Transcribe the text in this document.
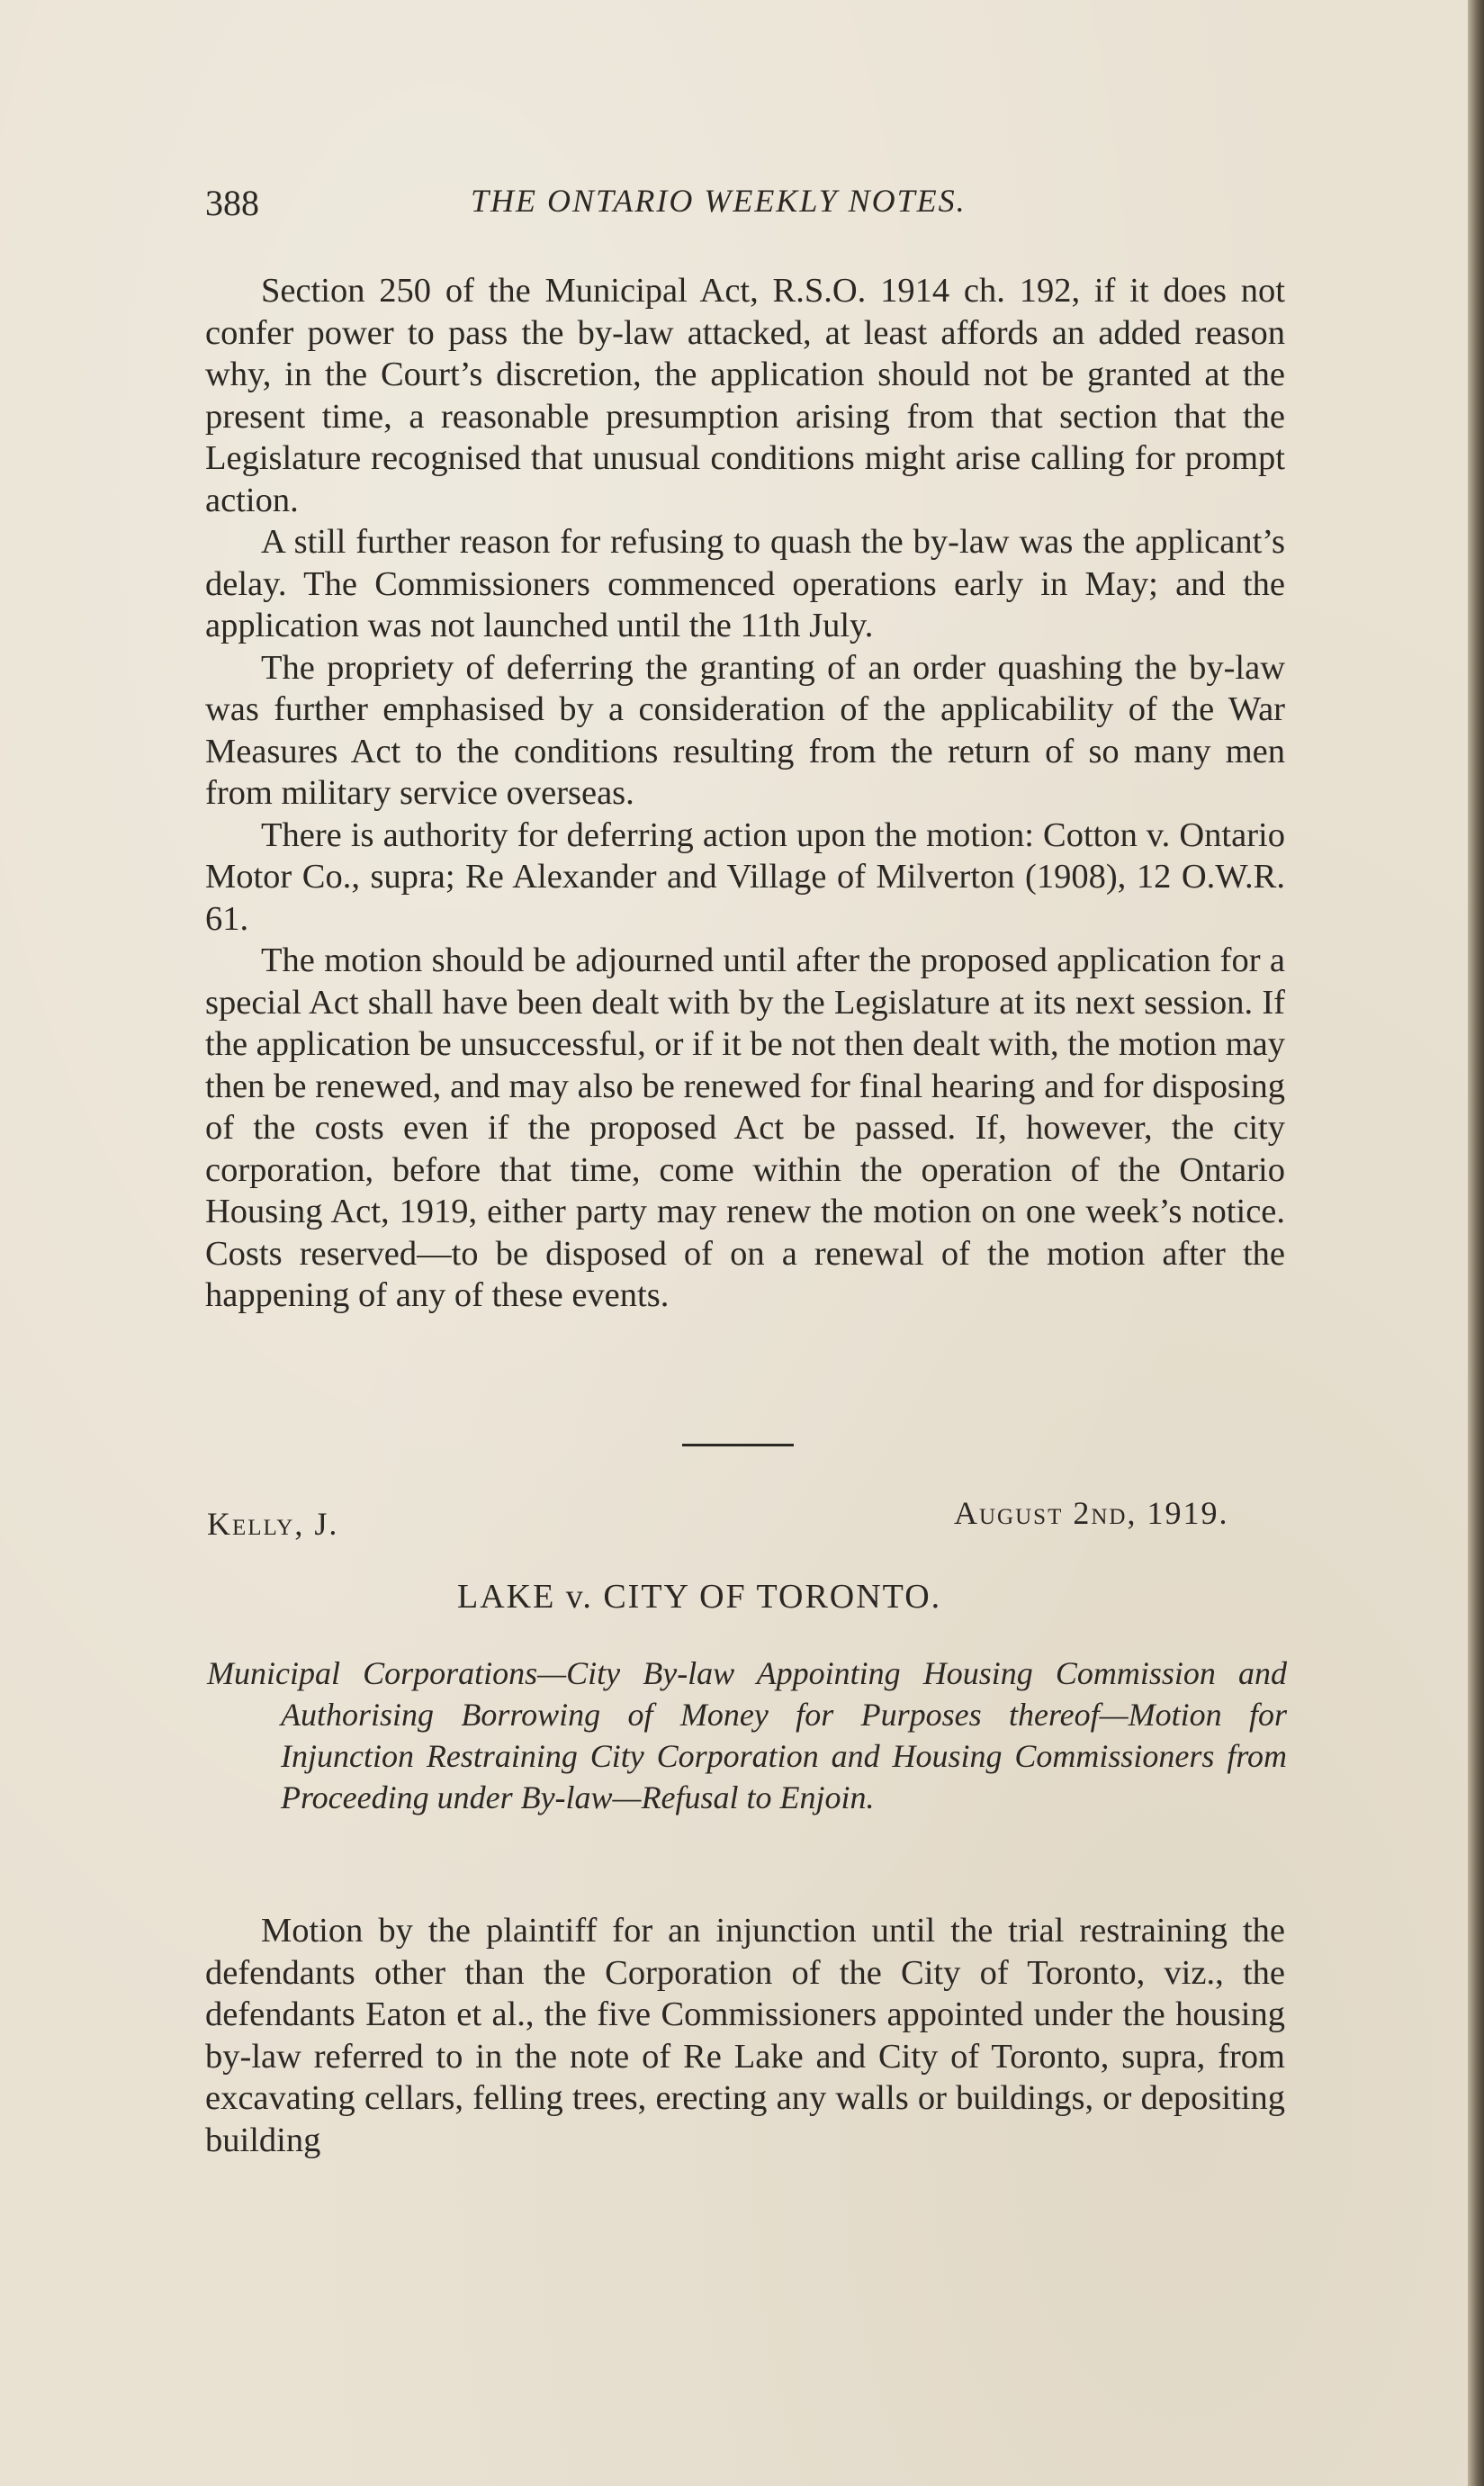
388	THE ONTARIO WEEKLY NOTES.

Section 250 of the Municipal Act, R.S.O. 1914 ch. 192, if it does not confer power to pass the by-law attacked, at least affords an added reason why, in the Court’s discretion, the application should not be granted at the present time, a reasonable presumption arising from that section that the Legislature recognised that unusual conditions might arise calling for prompt action.

A still further reason for refusing to quash the by-law was the applicant’s delay. The Commissioners commenced operations early in May; and the application was not launched until the 11th July.

The propriety of deferring the granting of an order quashing the by-law was further emphasised by a consideration of the applicability of the War Measures Act to the conditions resulting from the return of so many men from military service overseas.

There is authority for deferring action upon the motion: Cotton v. Ontario Motor Co., supra; Re Alexander and Village of Milverton (1908), 12 O.W.R. 61.

The motion should be adjourned until after the proposed application for a special Act shall have been dealt with by the Legislature at its next session. If the application be unsuccessful, or if it be not then dealt with, the motion may then be renewed, and may also be renewed for final hearing and for disposing of the costs even if the proposed Act be passed. If, however, the city corporation, before that time, come within the operation of the Ontario Housing Act, 1919, either party may renew the motion on one week’s notice. Costs reserved—to be disposed of on a renewal of the motion after the happening of any of these events.

Kelly, J.	August 2nd, 1919.
LAKE v. CITY OF TORONTO.

Municipal Corporations—City By-law Appointing Housing Commission and Authorising Borrowing of Money for Purposes thereof—Motion for Injunction Restraining City Corporation and Housing Commissioners from Proceeding under By-law—Refusal to Enjoin.

Motion by the plaintiff for an injunction until the trial restraining the defendants other than the Corporation of the City of Toronto, viz., the defendants Eaton et al., the five Commissioners appointed under the housing by-law referred to in the note of Re Lake and City of Toronto, supra, from excavating cellars, felling trees, erecting any walls or buildings, or depositing building
